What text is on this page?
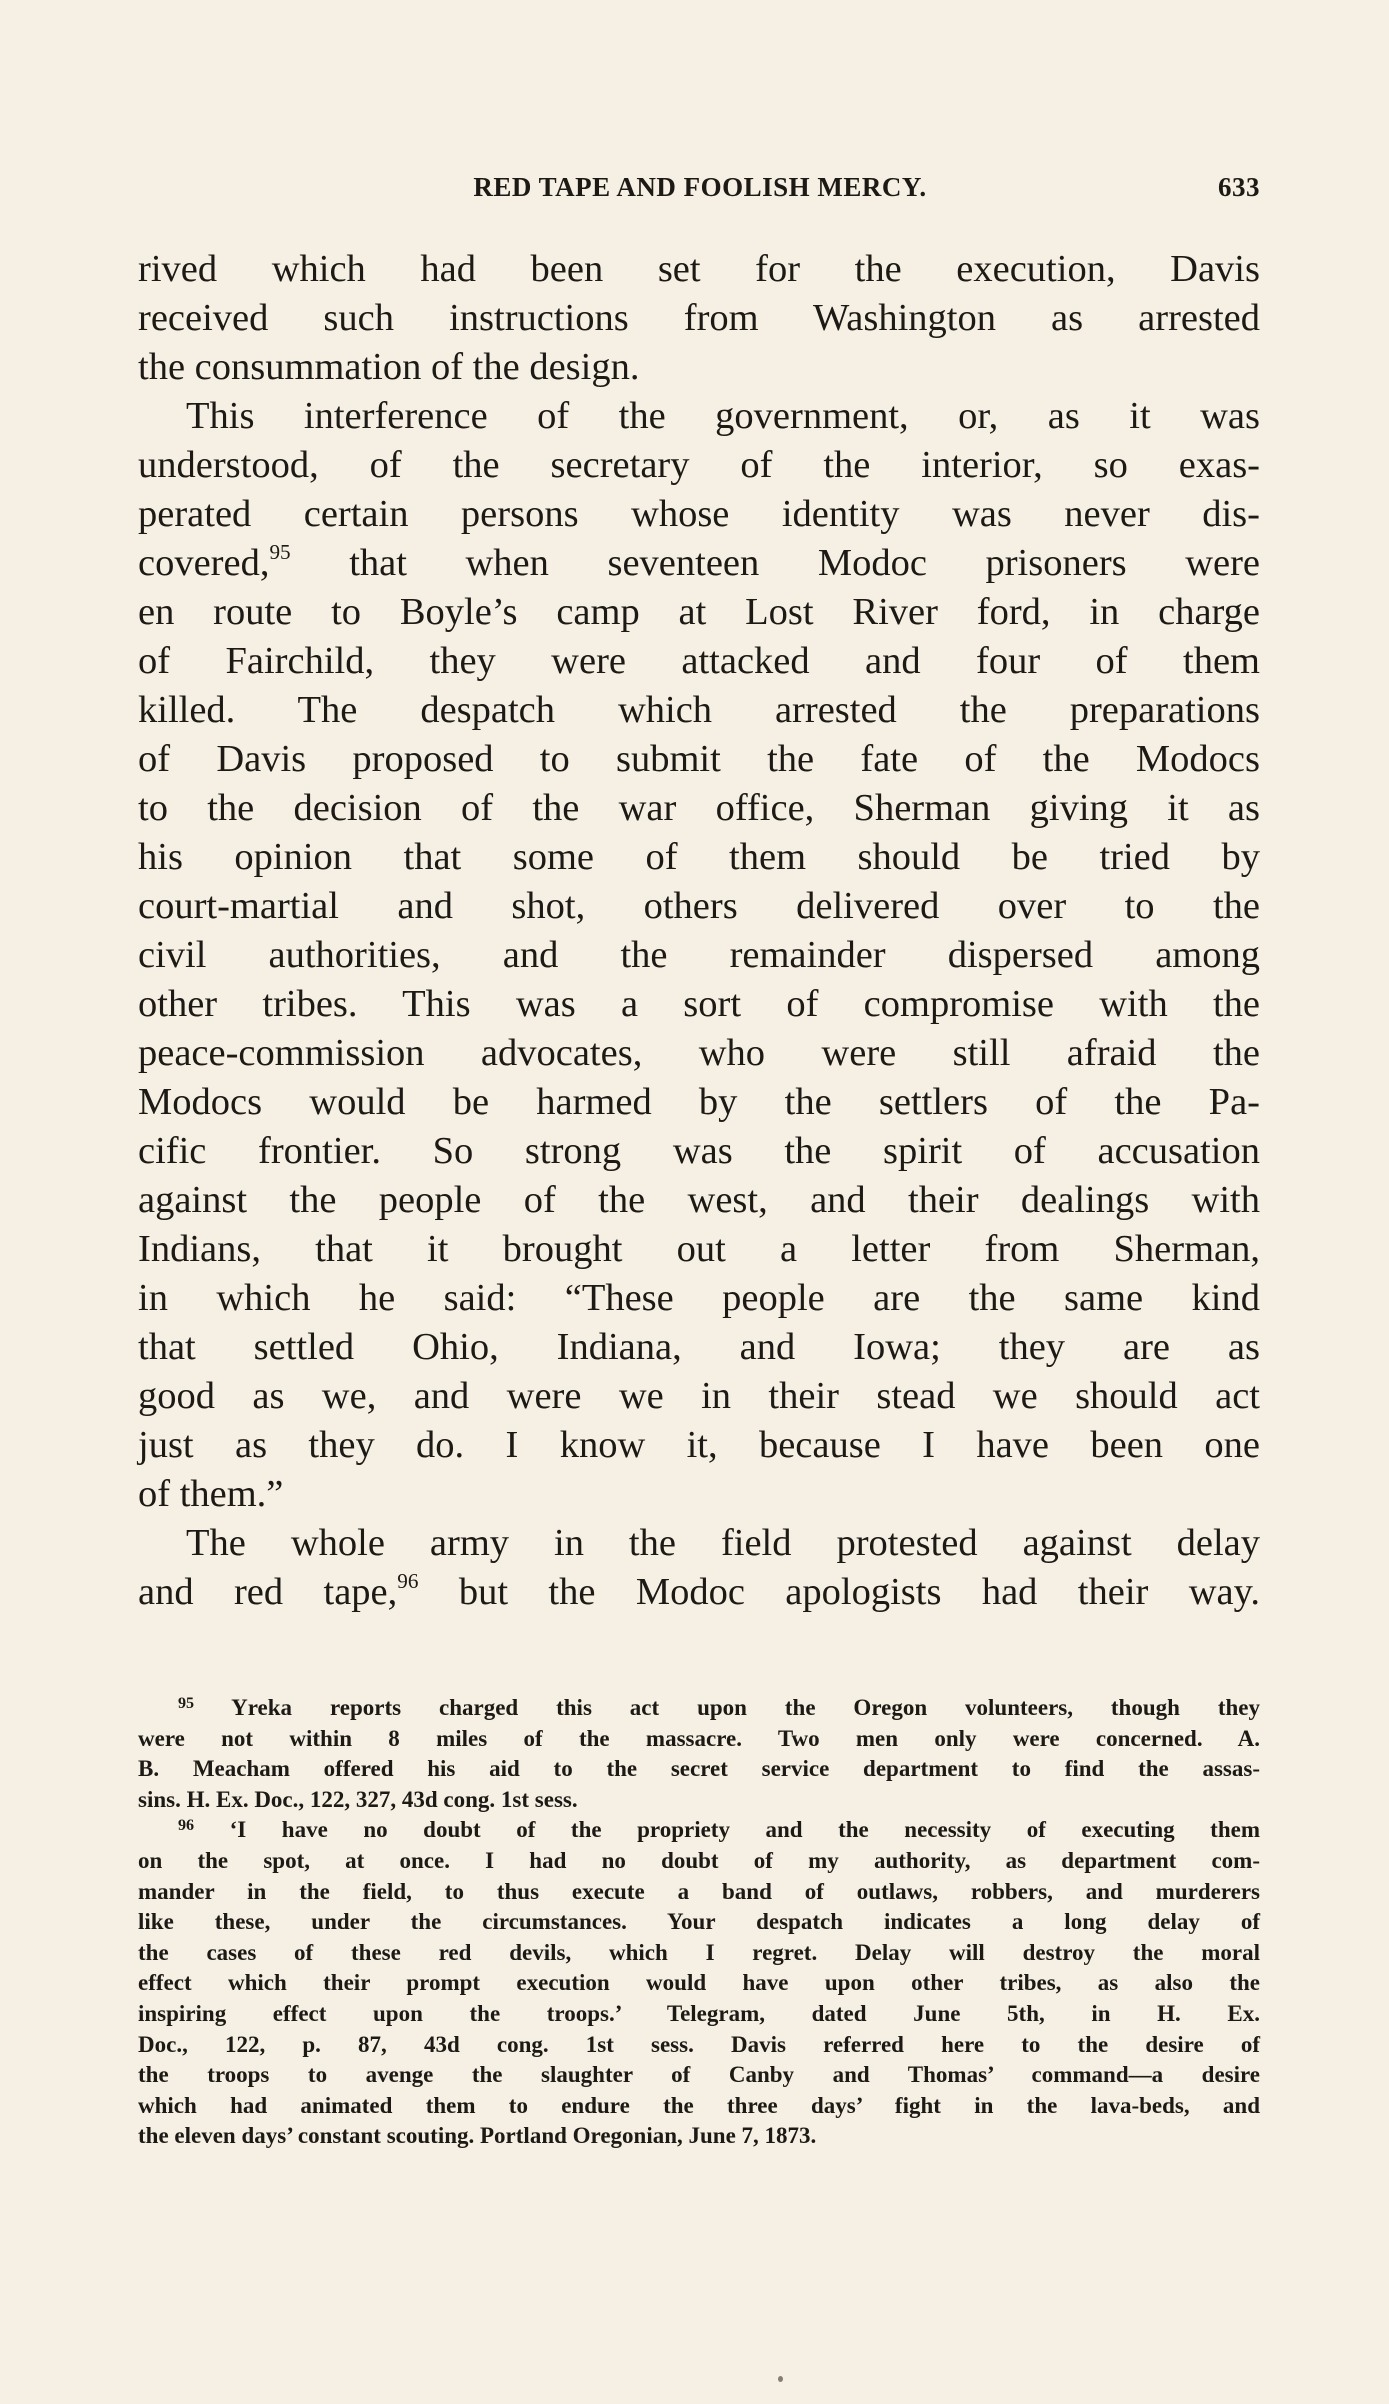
RED TAPE AND FOOLISH MERCY.	633

rived which had been set for the execution, Davis
received such instructions from Washington as arrested
the consummation of the design.

This interference of the government, or, as it was
understood, of the secretary of the interior, so exas-
perated certain persons whose identity was never dis-
covered,$^{95}$ that when seventeen Modoc prisoners were
en route to Boyle’s camp at Lost River ford, in charge
of Fairchild, they were attacked and four of them
killed. The despatch which arrested the preparations
of Davis proposed to submit the fate of the Modocs
to the decision of the war office, Sherman giving it as
his opinion that some of them should be tried by
court-martial and shot, others delivered over to the
civil authorities, and the remainder dispersed among
other tribes. This was a sort of compromise with the
peace-commission advocates, who were still afraid the
Modocs would be harmed by the settlers of the Pa-
cific frontier. So strong was the spirit of accusation
against the people of the west, and their dealings with
Indians, that it brought out a letter from Sherman,
in which he said: “These people are the same kind
that settled Ohio, Indiana, and Iowa; they are as
good as we, and were we in their stead we should act
just as they do. I know it, because I have been one
of them.”

The whole army in the field protested against delay
and red tape,$^{96}$ but the Modoc apologists had their way.

$^{95}$ Yreka reports charged this act upon the Oregon volunteers, though they
were not within 8 miles of the massacre. Two men only were concerned. A.
B. Meacham offered his aid to the secret service department to find the assas-
sins. H. Ex. Doc., 122, 327, 43d cong. 1st sess.
$^{96}$ ‘I have no doubt of the propriety and the necessity of executing them
on the spot, at once. I had no doubt of my authority, as department com-
mander in the field, to thus execute a band of outlaws, robbers, and murderers
like these, under the circumstances. Your despatch indicates a long delay of
the cases of these red devils, which I regret. Delay will destroy the moral
effect which their prompt execution would have upon other tribes, as also the
inspiring effect upon the troops.’ Telegram, dated June 5th, in H. Ex.
Doc., 122, p. 87, 43d cong. 1st sess. Davis referred here to the desire of
the troops to avenge the slaughter of Canby and Thomas’ command—a desire
which had animated them to endure the three days’ fight in the lava-beds, and
the eleven days’ constant scouting. Portland Oregonian, June 7, 1873.
